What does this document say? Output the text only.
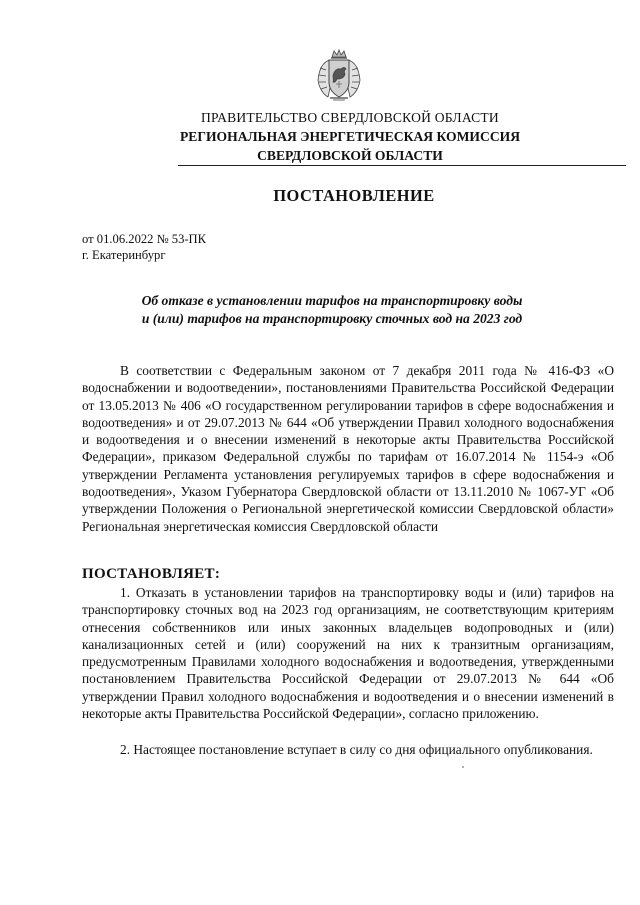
ПРАВИТЕЛЬСТВО СВЕРДЛОВСКОЙ ОБЛАСТИ
РЕГИОНАЛЬНАЯ ЭНЕРГЕТИЧЕСКАЯ КОМИССИЯ
СВЕРДЛОВСКОЙ ОБЛАСТИ
ПОСТАНОВЛЕНИЕ
от 01.06.2022 № 53-ПК
г. Екатеринбург
Об отказе в установлении тарифов на транспортировку воды
и (или) тарифов на транспортировку сточных вод на 2023 год

В соответствии с Федеральным законом от 7 декабря 2011 года № 416-ФЗ «О водоснабжении и водоотведении», постановлениями Правительства Российской Федерации от 13.05.2013 № 406 «О государственном регулировании тарифов в сфере водоснабжения и водоотведения» и от 29.07.2013 № 644 «Об утверждении Правил холодного водоснабжения и водоотведения и о внесении изменений в некоторые акты Правительства Российской Федерации», приказом Федеральной службы по тарифам от 16.07.2014 № 1154-э «Об утверждении Регламента установления регулируемых тарифов в сфере водоснабжения и водоотведения», Указом Губернатора Свердловской области от 13.11.2010 № 1067-УГ «Об утверждении Положения о Региональной энергетической комиссии Свердловской области» Региональная энергетическая комиссия Свердловской области

ПОСТАНОВЛЯЕТ:

1. Отказать в установлении тарифов на транспортировку воды и (или) тарифов на транспортировку сточных вод на 2023 год организациям, не соответствующим критериям отнесения собственников или иных законных владельцев водопроводных и (или) канализационных сетей и (или) сооружений на них к транзитным организациям, предусмотренным Правилами холодного водоснабжения и водоотведения, утвержденными постановлением Правительства Российской Федерации от 29.07.2013 № 644 «Об утверждении Правил холодного водоснабжения и водоотведения и о внесении изменений в некоторые акты Правительства Российской Федерации», согласно приложению.

2. Настоящее постановление вступает в силу со дня официального опубликования.
